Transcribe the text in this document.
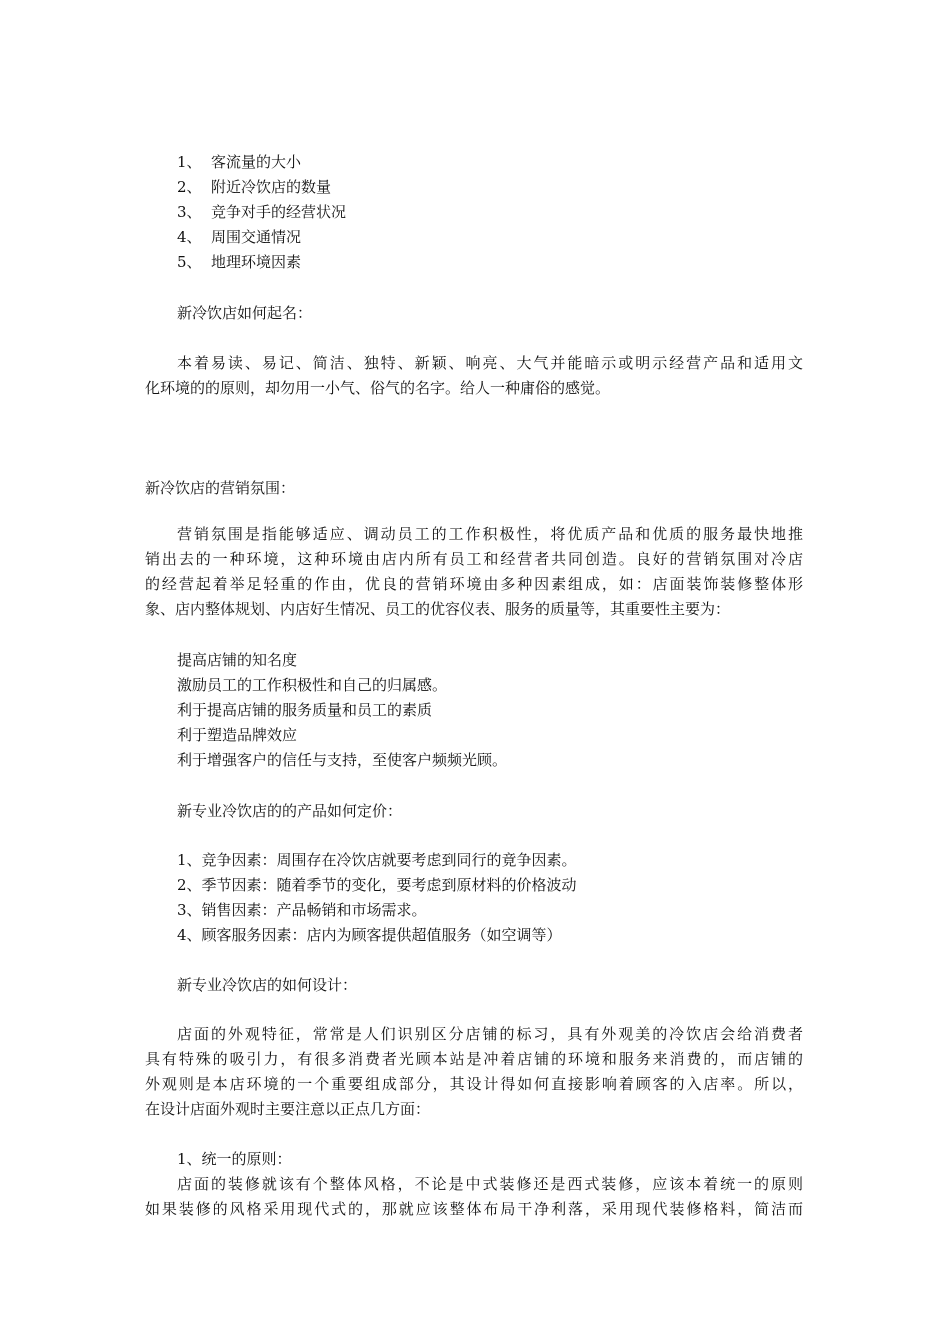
1、 客流量的大小
2、 附近冷饮店的数量
3、 竞争对手的经营状况
4、 周围交通情况
5、 地理环境因素
新冷饮店如何起名：
本着易读、易记、简洁、独特、新颖、响亮、大气并能暗示或明示经营产品和适用文
化环境的的原则，却勿用一小气、俗气的名字。给人一种庸俗的感觉。
新冷饮店的营销氛围：
营销氛围是指能够适应、调动员工的工作积极性，将优质产品和优质的服务最快地推
销出去的一种环境，这种环境由店内所有员工和经营者共同创造。良好的营销氛围对冷店
的经营起着举足轻重的作由，优良的营销环境由多种因素组成，如：店面装饰装修整体形
象、店内整体规划、内店好生情况、员工的优容仪表、服务的质量等，其重要性主要为：
提高店铺的知名度
激励员工的工作积极性和自己的归属感。
利于提高店铺的服务质量和员工的素质
利于塑造品牌效应
利于增强客户的信任与支持，至使客户频频光顾。
新专业冷饮店的的产品如何定价：
1、竞争因素：周围存在冷饮店就要考虑到同行的竟争因素。
2、季节因素：随着季节的变化，要考虑到原材料的价格波动
3、销售因素：产品畅销和市场需求。
4、顾客服务因素：店内为顾客提供超值服务（如空调等）
新专业冷饮店的如何设计：
店面的外观特征，常常是人们识别区分店铺的标习，具有外观美的冷饮店会给消费者
具有特殊的吸引力，有很多消费者光顾本站是冲着店铺的环境和服务来消费的，而店铺的
外观则是本店环境的一个重要组成部分，其设计得如何直接影响着顾客的入店率。所以，
在设计店面外观时主要注意以正点几方面：
1、统一的原则：
店面的装修就该有个整体风格，不论是中式装修还是西式装修，应该本着统一的原则
如果装修的风格采用现代式的，那就应该整体布局干净利落，采用现代装修格料，简洁而
